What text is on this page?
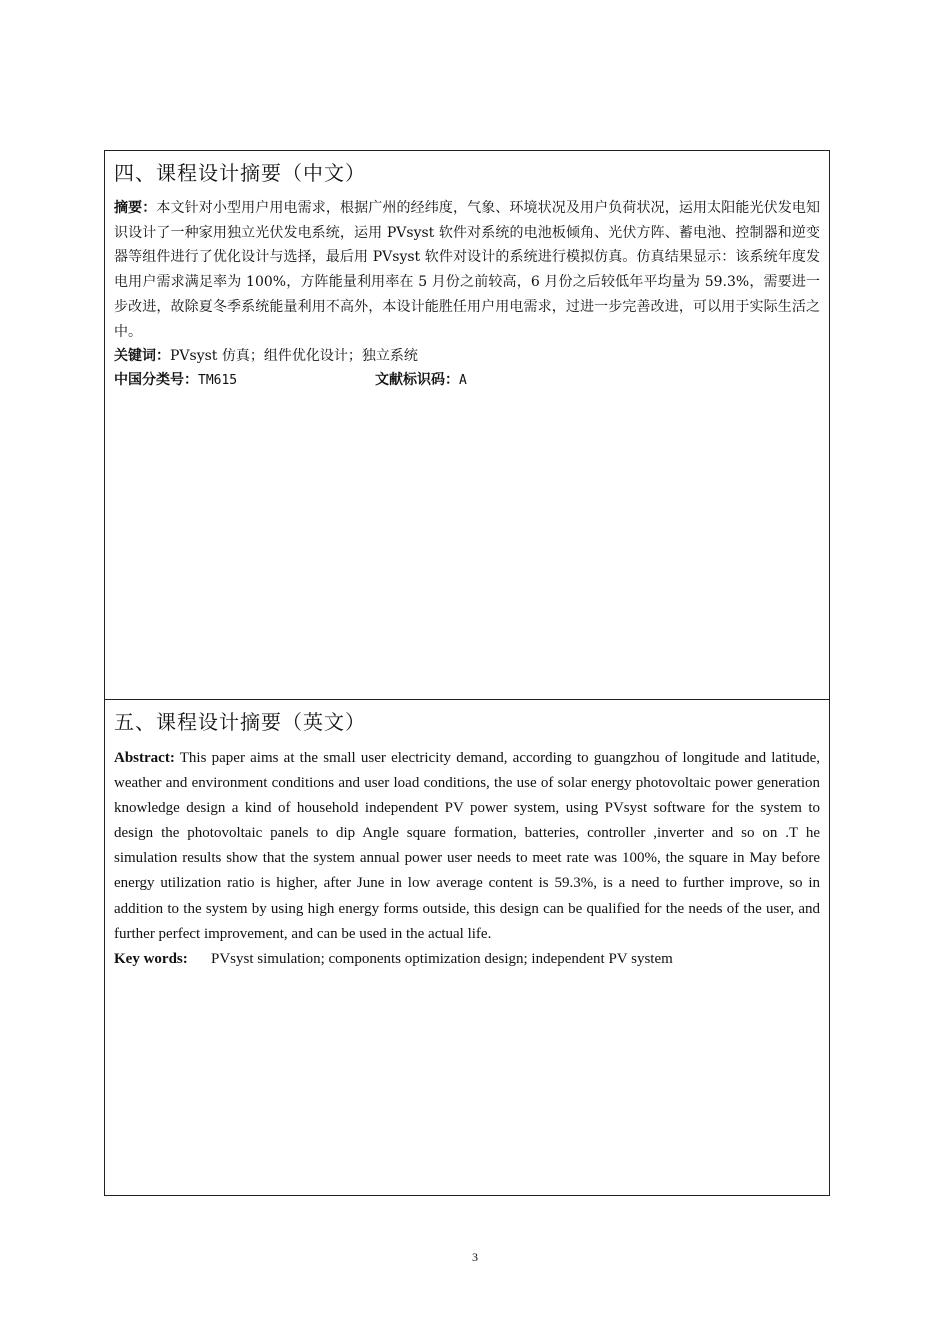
四、课程设计摘要（中文）
摘要：本文针对小型用户用电需求，根据广州的经纬度，气象、环境状况及用户负荷状况，运用太阳能光伏发电知识设计了一种家用独立光伏发电系统，运用 PVsyst 软件对系统的电池板倾角、光伏方阵、蓄电池、控制器和逆变器等组件进行了优化设计与选择，最后用 PVsyst 软件对设计的系统进行模拟仿真。仿真结果显示：该系统年度发电用户需求满足率为 100%，方阵能量利用率在 5 月份之前较高，6 月份之后较低年平均量为 59.3%，需要进一步改进，故除夏冬季系统能量利用不高外，本设计能胜任用户用电需求，过进一步完善改进，可以用于实际生活之中。
关键词：PVsyst 仿真；组件优化设计；独立系统
中国分类号：TM615	文献标识码：A
五、课程设计摘要（英文）
Abstract: This paper aims at the small user electricity demand, according to guangzhou of longitude and latitude, weather and environment conditions and user load conditions, the use of solar energy photovoltaic power generation knowledge design a kind of household independent PV power system, using PVsyst software for the system to design the photovoltaic panels to dip Angle square formation, batteries, controller ,inverter and so on .T he simulation results show that the system annual power user needs to meet rate was 100%, the square in May before energy utilization ratio is higher, after June in low average content is 59.3%, is a need to further improve, so in addition to the system by using high energy forms outside, this design can be qualified for the needs of the user, and further perfect improvement, and can be used in the actual life.
Key words: PVsyst simulation; components optimization design; independent PV system
3
